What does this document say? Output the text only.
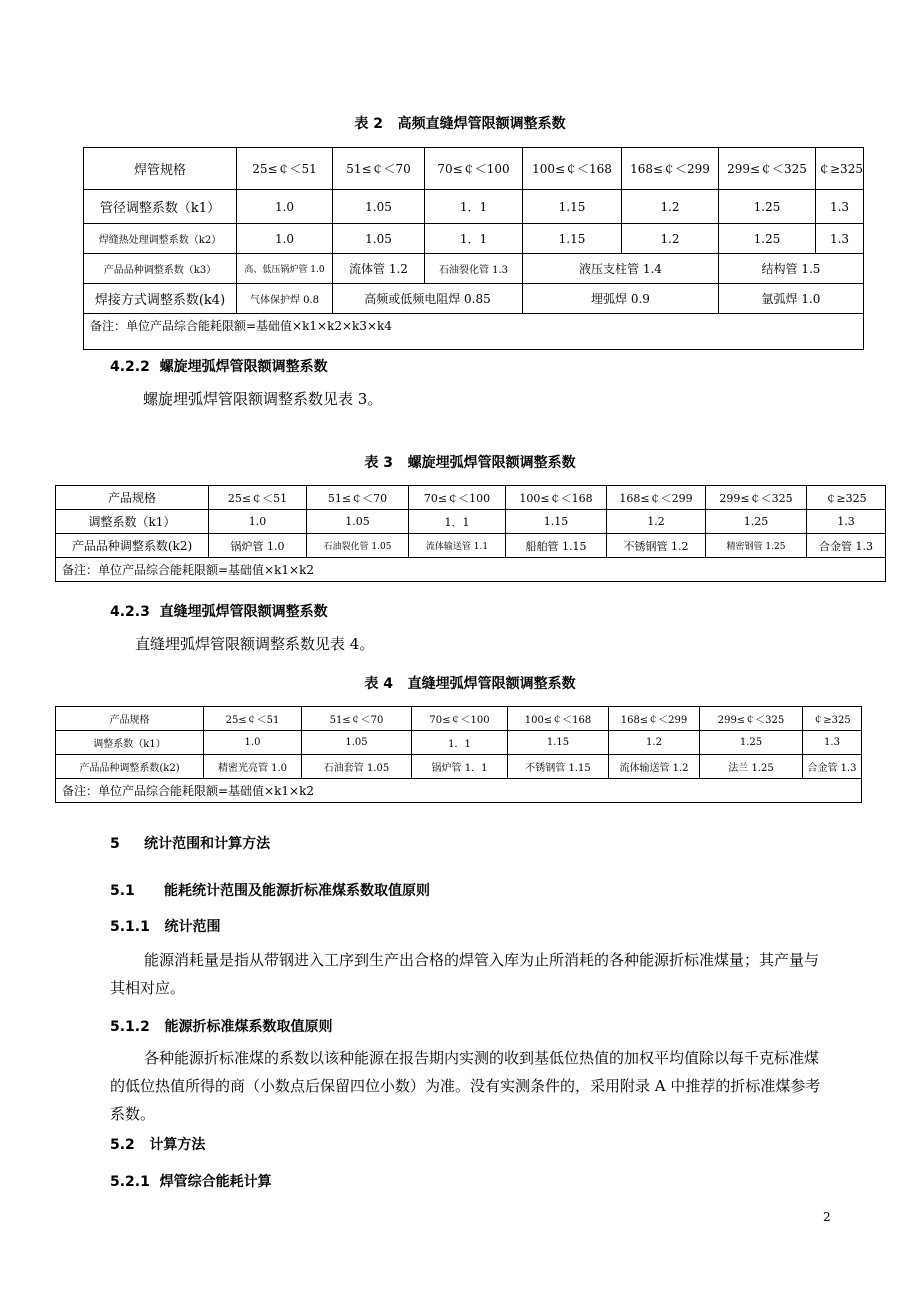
表 2   高频直缝焊管限额调整系数
焊管规格	25≤￠＜51	51≤￠＜70	70≤￠＜100	100≤￠＜168	168≤￠＜299	299≤￠＜325	￠≥325
管径调整系数（k1）	1.0	1.05	1．1	1.15	1.2	1.25	1.3
焊缝热处理调整系数（k2）	1.0	1.05	1．1	1.15	1.2	1.25	1.3
产品品种调整系数（k3）	高、低压锅炉管 1.0	流体管 1.2	石油裂化管 1.3	液压支柱管 1.4		结构管 1.5	
焊接方式调整系数(k4)	气体保护焊 0.8	高频或低频电阻焊 0.85		埋弧焊 0.9		氩弧焊 1.0	
备注：单位产品综合能耗限额=基础值×k1×k2×k3×k4							
4.2.2  螺旋埋弧焊管限额调整系数
螺旋埋弧焊管限额调整系数见表 3。
表 3   螺旋埋弧焊管限额调整系数
产品规格	25≤￠＜51	51≤￠＜70	70≤￠＜100	100≤￠＜168	168≤￠＜299	299≤￠＜325	￠≥325
调整系数（k1）	1.0	1.05	1．1	1.15	1.2	1.25	1.3
产品品种调整系数(k2)	锅炉管 1.0	石油裂化管 1.05	流体输送管 1.1	船舶管 1.15	不锈钢管 1.2	精密钢管 1.25	合金管 1.3
备注：单位产品综合能耗限额=基础值×k1×k2							
4.2.3  直缝埋弧焊管限额调整系数
直缝埋弧焊管限额调整系数见表 4。
表 4   直缝埋弧焊管限额调整系数
产品规格	25≤￠＜51	51≤￠＜70	70≤￠＜100	100≤￠＜168	168≤￠＜299	299≤￠＜325	￠≥325
调整系数（k1）	1.0	1.05	1．1	1.15	1.2	1.25	1.3
产品品种调整系数(k2)	精密光亮管 1.0	石油套管 1.05	锅炉管 1．1	不锈钢管 1.15	流体输送管 1.2	法兰 1.25	合金管 1.3
备注：单位产品综合能耗限额=基础值×k1×k2							
5     统计范围和计算方法
5.1      能耗统计范围及能源折标准煤系数取值原则
5.1.1   统计范围
能源消耗量是指从带钢进入工序到生产出合格的焊管入库为止所消耗的各种能源折标准煤量；其产量与其相对应。
5.1.2   能源折标准煤系数取值原则
各种能源折标准煤的系数以该种能源在报告期内实测的收到基低位热值的加权平均值除以每千克标准煤的低位热值所得的商（小数点后保留四位小数）为准。没有实测条件的，采用附录 A 中推荐的折标准煤参考系数。
5.2   计算方法
5.2.1  焊管综合能耗计算
2
